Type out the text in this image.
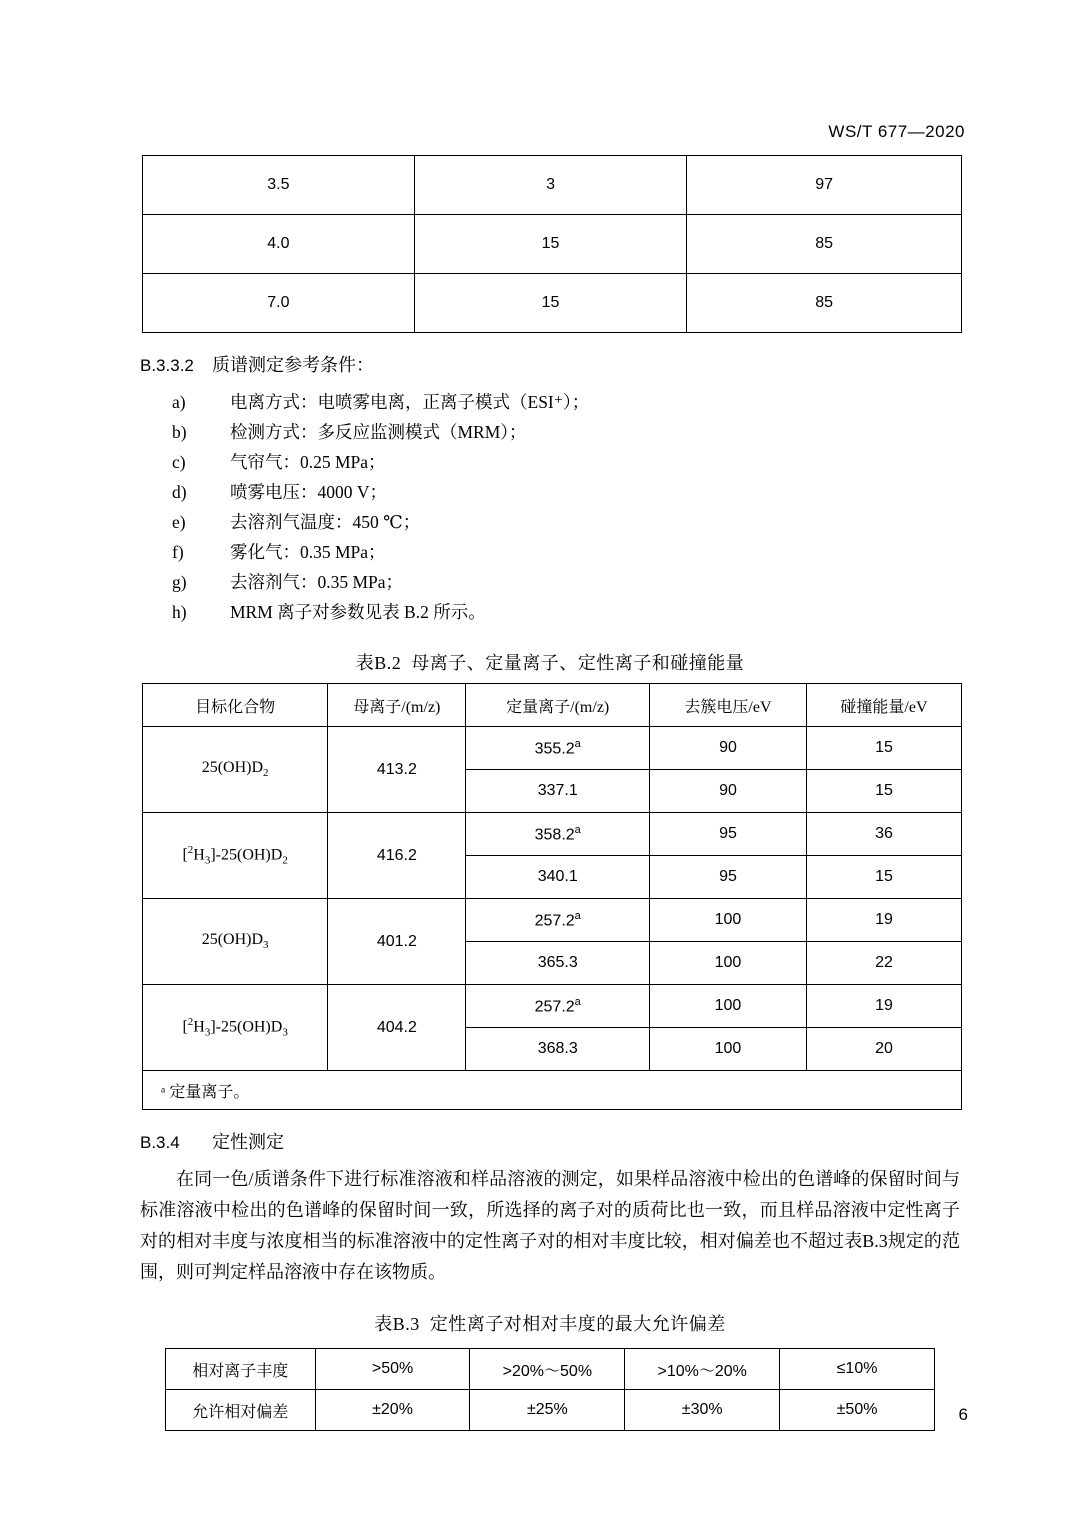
WS/T 677—2020
3.5	3	97
4.0	15	85
7.0	15	85
B.3.3.2 质谱测定参考条件：
a)	电离方式：电喷雾电离，正离子模式（ESI⁺）；
b)	检测方式：多反应监测模式（MRM）；
c)	气帘气：0.25 MPa；
d)	喷雾电压：4000 V；
e)	去溶剂气温度：450 ℃；
f)	雾化气：0.35 MPa；
g)	去溶剂气：0.35 MPa；
h)	MRM 离子对参数见表 B.2 所示。
表B.2 母离子、定量离子、定性离子和碰撞能量
目标化合物	母离子/(m/z)	定量离子/(m/z)	去簇电压/eV	碰撞能量/eV
$25(OH)D_2$	413.2	355.2$^a$	90	15
		337.1	90	15
$[^2H_3]-25(OH)D_2$	416.2	358.2$^a$	95	36
		340.1	95	15
$25(OH)D_3$	401.2	257.2$^a$	100	19
		365.3	100	22
$[^2H_3]-25(OH)D_3$	404.2	257.2$^a$	100	19
		368.3	100	20
ᵃ 定量离子。				
B.3.4 定性测定
在同一色/质谱条件下进行标准溶液和样品溶液的测定，如果样品溶液中检出的色谱峰的保留时间与标准溶液中检出的色谱峰的保留时间一致，所选择的离子对的质荷比也一致，而且样品溶液中定性离子对的相对丰度与浓度相当的标准溶液中的定性离子对的相对丰度比较，相对偏差也不超过表B.3规定的范围，则可判定样品溶液中存在该物质。
表B.3 定性离子对相对丰度的最大允许偏差
相对离子丰度	>50%	>20%～50%	>10%～20%	≤10%
允许相对偏差	±20%	±25%	±30%	±50%	6
